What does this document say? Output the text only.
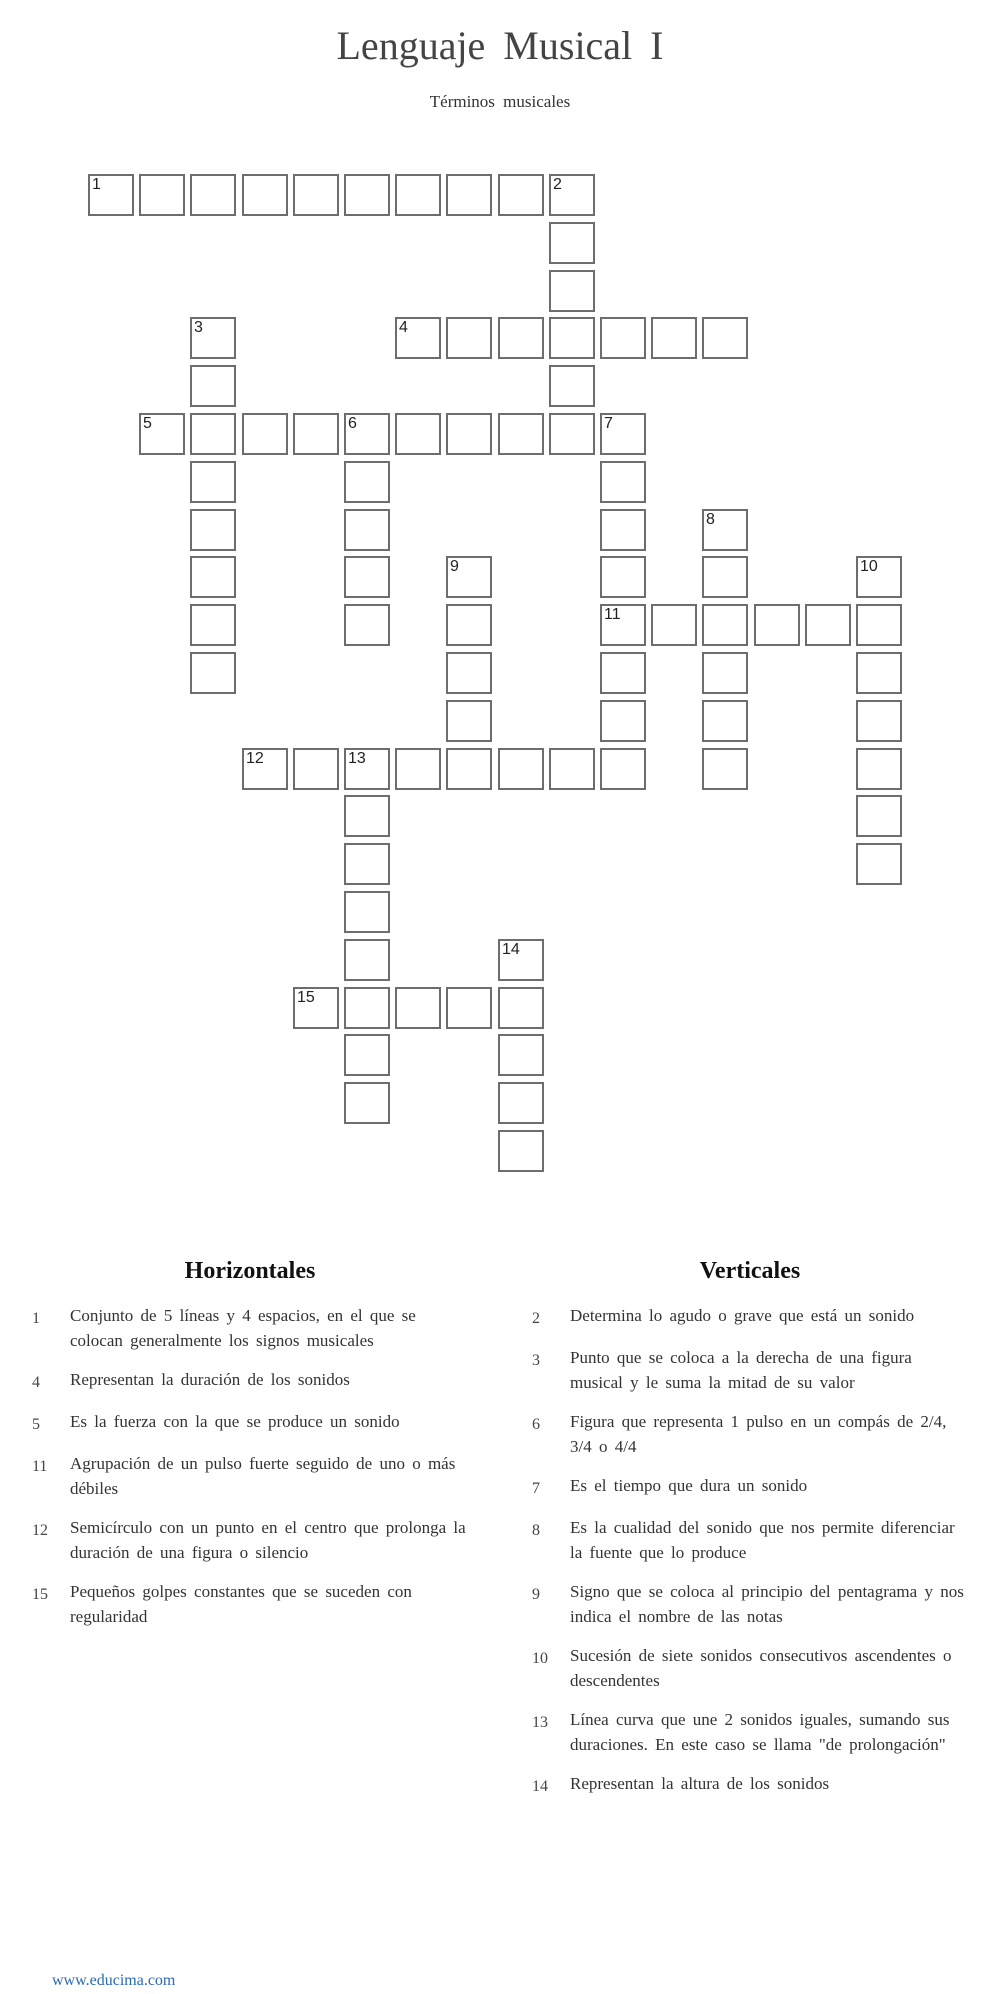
Lenguaje Musical I
Términos musicales
1	2
3	4
5	6	7
11
8
9	10
12	13
14
15
Horizontales
1	Conjunto de 5 líneas y 4 espacios, en el que se colocan generalmente los signos musicales
4	Representan la duración de los sonidos
5	Es la fuerza con la que se produce un sonido
11	Agrupación de un pulso fuerte seguido de uno o más débiles
12	Semicírculo con un punto en el centro que prolonga la duración de una figura o silencio
15	Pequeños golpes constantes que se suceden con regularidad
Verticales
2	Determina lo agudo o grave que está un sonido
3	Punto que se coloca a la derecha de una figura musical y le suma la mitad de su valor
6	Figura que representa 1 pulso en un compás de 2/4, 3/4 o 4/4
7	Es el tiempo que dura un sonido
8	Es la cualidad del sonido que nos permite diferenciar la fuente que lo produce
9	Signo que se coloca al principio del pentagrama y nos indica el nombre de las notas
10	Sucesión de siete sonidos consecutivos ascendentes o descendentes
13	Línea curva que une 2 sonidos iguales, sumando sus duraciones. En este caso se llama "de prolongación"
14	Representan la altura de los sonidos
www.educima.com
